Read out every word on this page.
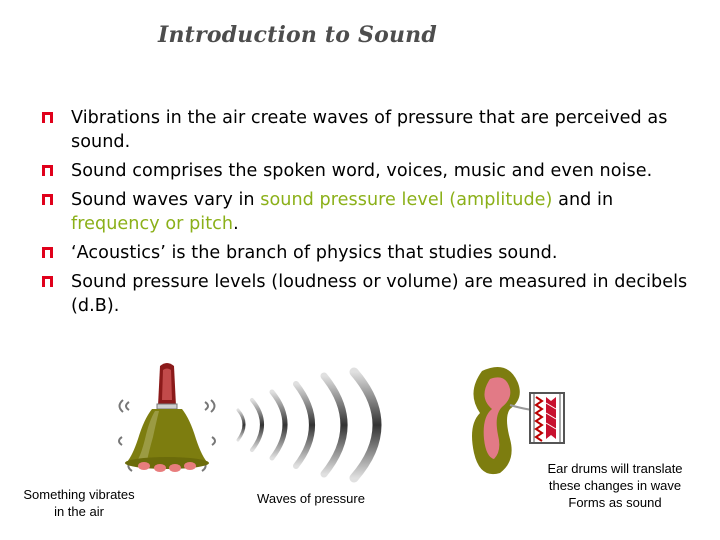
Introduction to Sound
Vibrations in the air create waves of pressure that are perceived as sound.
Sound comprises the spoken word, voices, music and even noise.
Sound waves vary in sound pressure level (amplitude) and in frequency or pitch.
‘Acoustics’ is the branch of physics that studies sound.
Sound pressure levels (loudness or volume) are measured in decibels (d.B).
Something vibrates
in the air
Waves of pressure
Ear drums will translate
these changes in wave
Forms as sound
